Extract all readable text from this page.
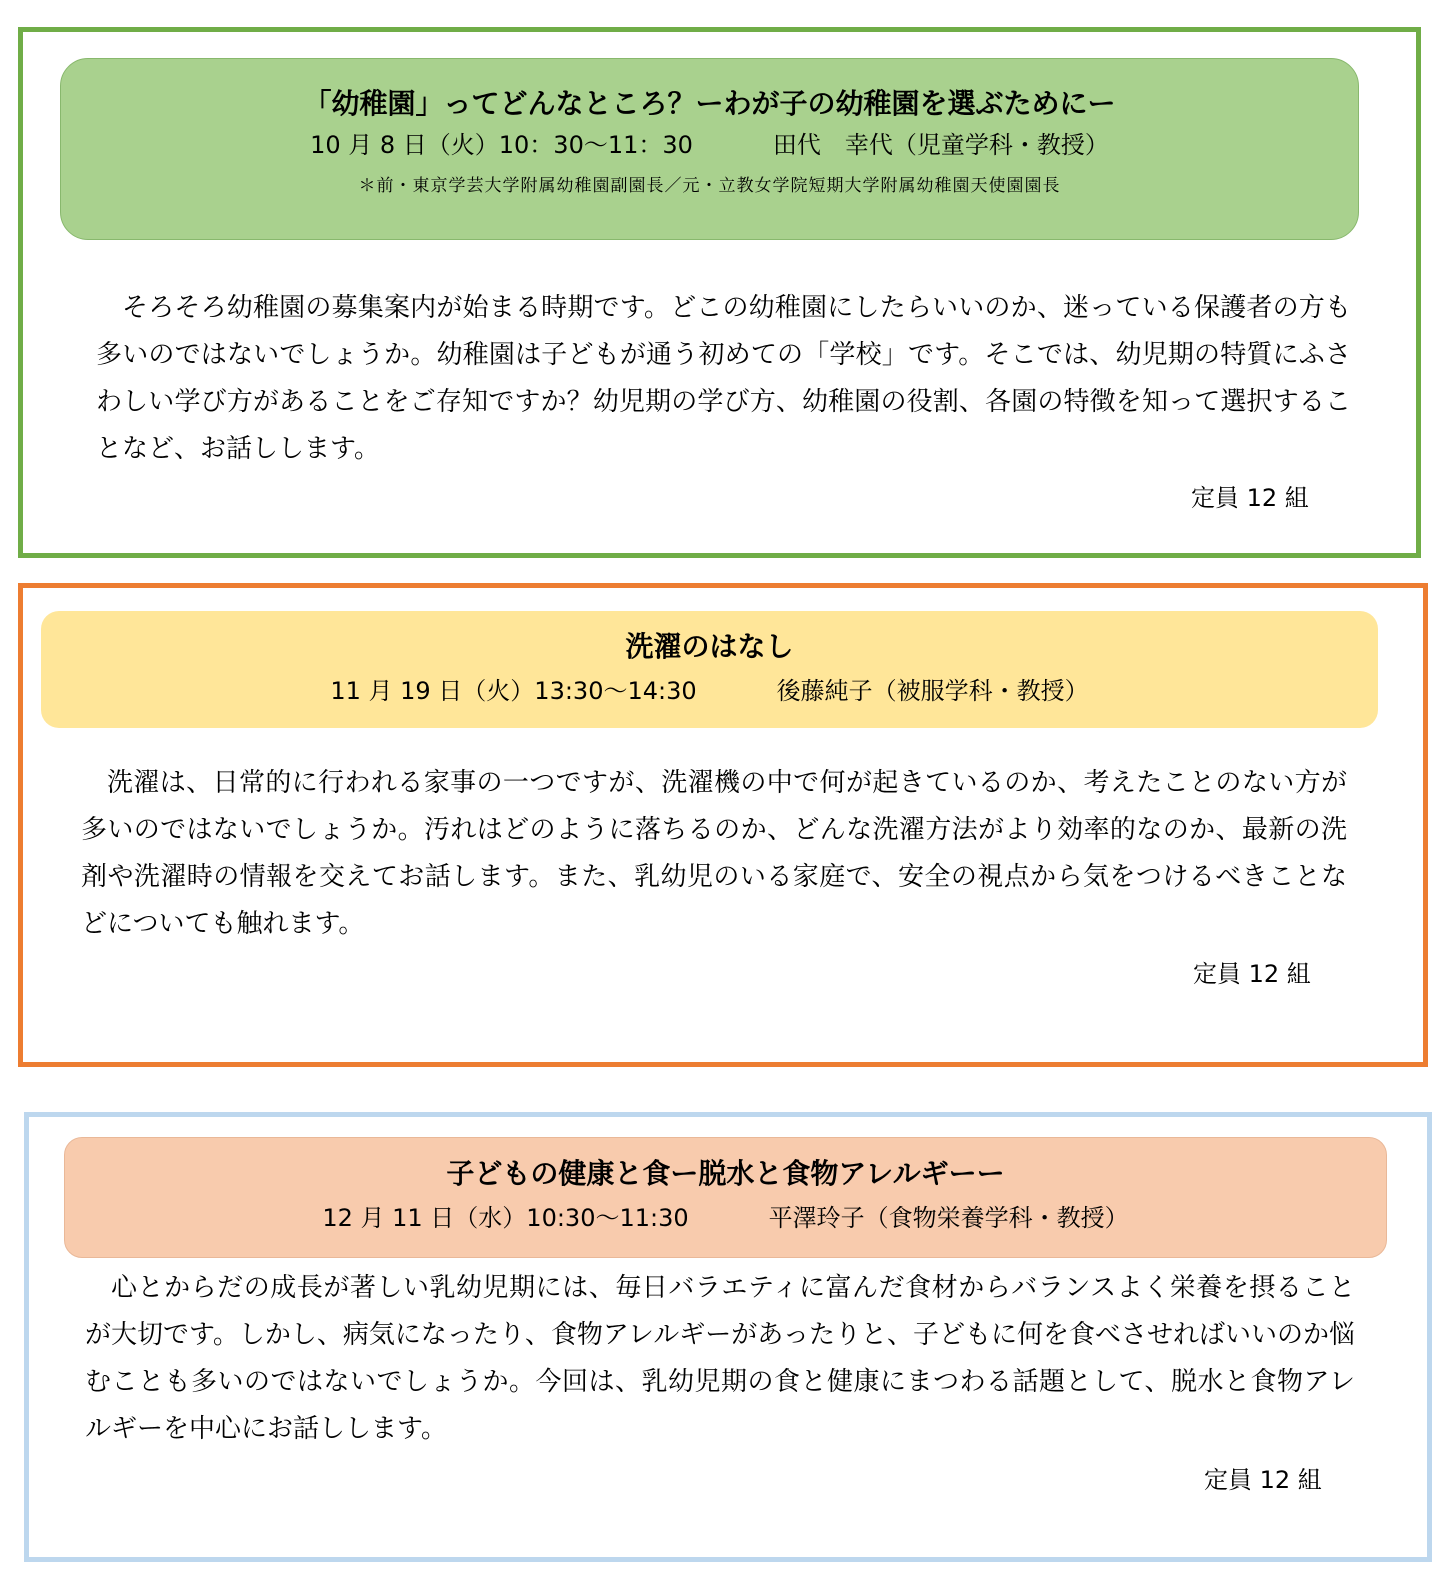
「幼稚園」ってどんなところ？ーわが子の幼稚園を選ぶためにー
10 月 8 日（火）10：30～11：30	田代　幸代（児童学科・教授）
＊前・東京学芸大学附属幼稚園副園長／元・立教女学院短期大学附属幼稚園天使園園長

そろそろ幼稚園の募集案内が始まる時期です。どこの幼稚園にしたらいいのか、迷っている保護者の方も多いのではないでしょうか。幼稚園は子どもが通う初めての「学校」です。そこでは、幼児期の特質にふさわしい学び方があることをご存知ですか？幼児期の学び方、幼稚園の役割、各園の特徴を知って選択することなど、お話しします。

定員 12 組
洗濯のはなし
11 月 19 日（火）13:30～14:30	後藤純子（被服学科・教授）

洗濯は、日常的に行われる家事の一つですが、洗濯機の中で何が起きているのか、考えたことのない方が多いのではないでしょうか。汚れはどのように落ちるのか、どんな洗濯方法がより効率的なのか、最新の洗剤や洗濯時の情報を交えてお話します。また、乳幼児のいる家庭で、安全の視点から気をつけるべきことなどについても触れます。

定員 12 組
子どもの健康と食ー脱水と食物アレルギーー
12 月 11 日（水）10:30～11:30	平澤玲子（食物栄養学科・教授）

心とからだの成長が著しい乳幼児期には、毎日バラエティに富んだ食材からバランスよく栄養を摂ることが大切です。しかし、病気になったり、食物アレルギーがあったりと、子どもに何を食べさせればいいのか悩むことも多いのではないでしょうか。今回は、乳幼児期の食と健康にまつわる話題として、脱水と食物アレルギーを中心にお話しします。

定員 12 組
